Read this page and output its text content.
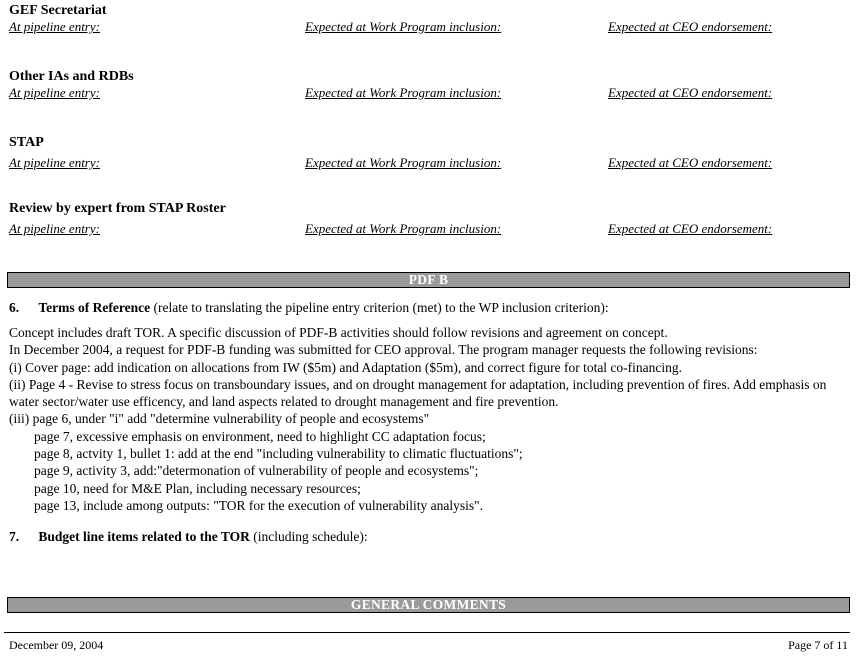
GEF Secretariat
At pipeline entry:	Expected at Work Program inclusion:	Expected at CEO endorsement:
Other IAs and RDBs
At pipeline entry:	Expected at Work Program inclusion:	Expected at CEO endorsement:
STAP
At pipeline entry:	Expected at Work Program inclusion:	Expected at CEO endorsement:
Review by expert from STAP Roster
At pipeline entry:	Expected at Work Program inclusion:	Expected at CEO endorsement:
PDF B
6. Terms of Reference (relate to translating the pipeline entry criterion (met) to the WP inclusion criterion):
Concept includes draft TOR. A specific discussion of PDF-B activities should follow revisions and agreement on concept.
In December 2004, a request for PDF-B funding was submitted for CEO approval. The program manager requests the following revisions:
(i) Cover page: add indication on allocations from IW ($5m) and Adaptation ($5m), and correct figure for total co-financing.
(ii) Page 4 - Revise to stress focus on transboundary issues, and on drought management for adaptation, including prevention of fires. Add emphasis on water sector/water use efficency, and land aspects related to drought management and fire prevention.
(iii) page 6, under "i" add "determine vulnerability of people and ecosystems"
page 7, excessive emphasis on environment, need to highlight CC adaptation focus;
page 8, actvity 1, bullet 1: add at the end "including vulnerability to climatic fluctuations";
page 9, activity 3, add:"determonation of vulnerability of people and ecosystems";
page 10, need for M&E Plan, including necessary resources;
page 13, include among outputs: "TOR for the execution of vulnerability analysis".
7. Budget line items related to the TOR (including schedule):
GENERAL COMMENTS
December 09, 2004	Page 7 of 11
